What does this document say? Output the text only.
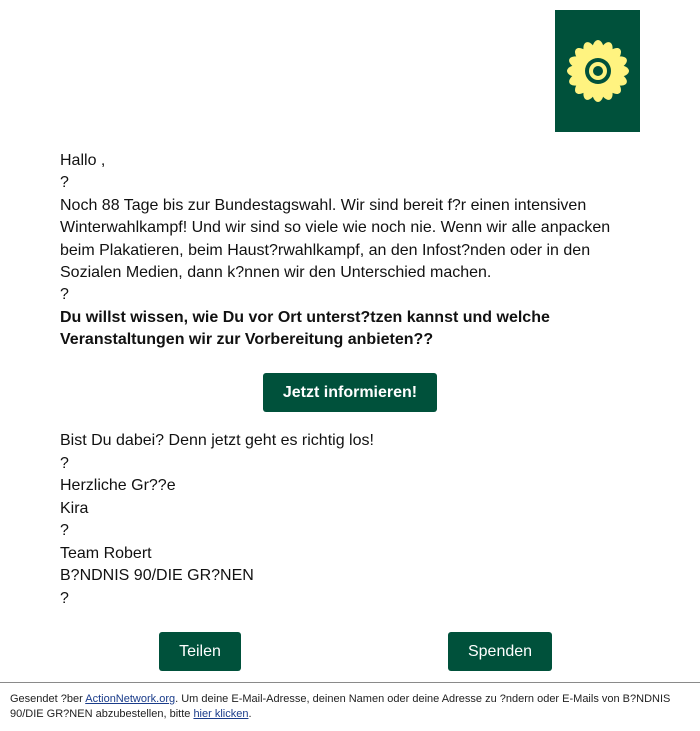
Hallo ,

?

Noch 88 Tage bis zur Bundestagswahl. Wir sind bereit f?r einen intensiven Winterwahlkampf! Und wir sind so viele wie noch nie. Wenn wir alle anpacken beim Plakatieren, beim Haust?rwahlkampf, an den Infost?nden oder in den Sozialen Medien, dann k?nnen wir den Unterschied machen.

?

Du willst wissen, wie Du vor Ort unterst?tzen kannst und welche Veranstaltungen wir zur Vorbereitung anbieten??

Jetzt informieren!

Bist Du dabei? Denn jetzt geht es richtig los!

?

Herzliche Gr??e

Kira

?

Team Robert

B?NDNIS 90/DIE GR?NEN

?

Teilen	Spenden
Gesendet ?ber ActionNetwork.org. Um deine E-Mail-Adresse, deinen Namen oder deine Adresse zu ?ndern oder E-Mails von B?NDNIS 90/DIE GR?NEN abzubestellen, bitte hier klicken.
